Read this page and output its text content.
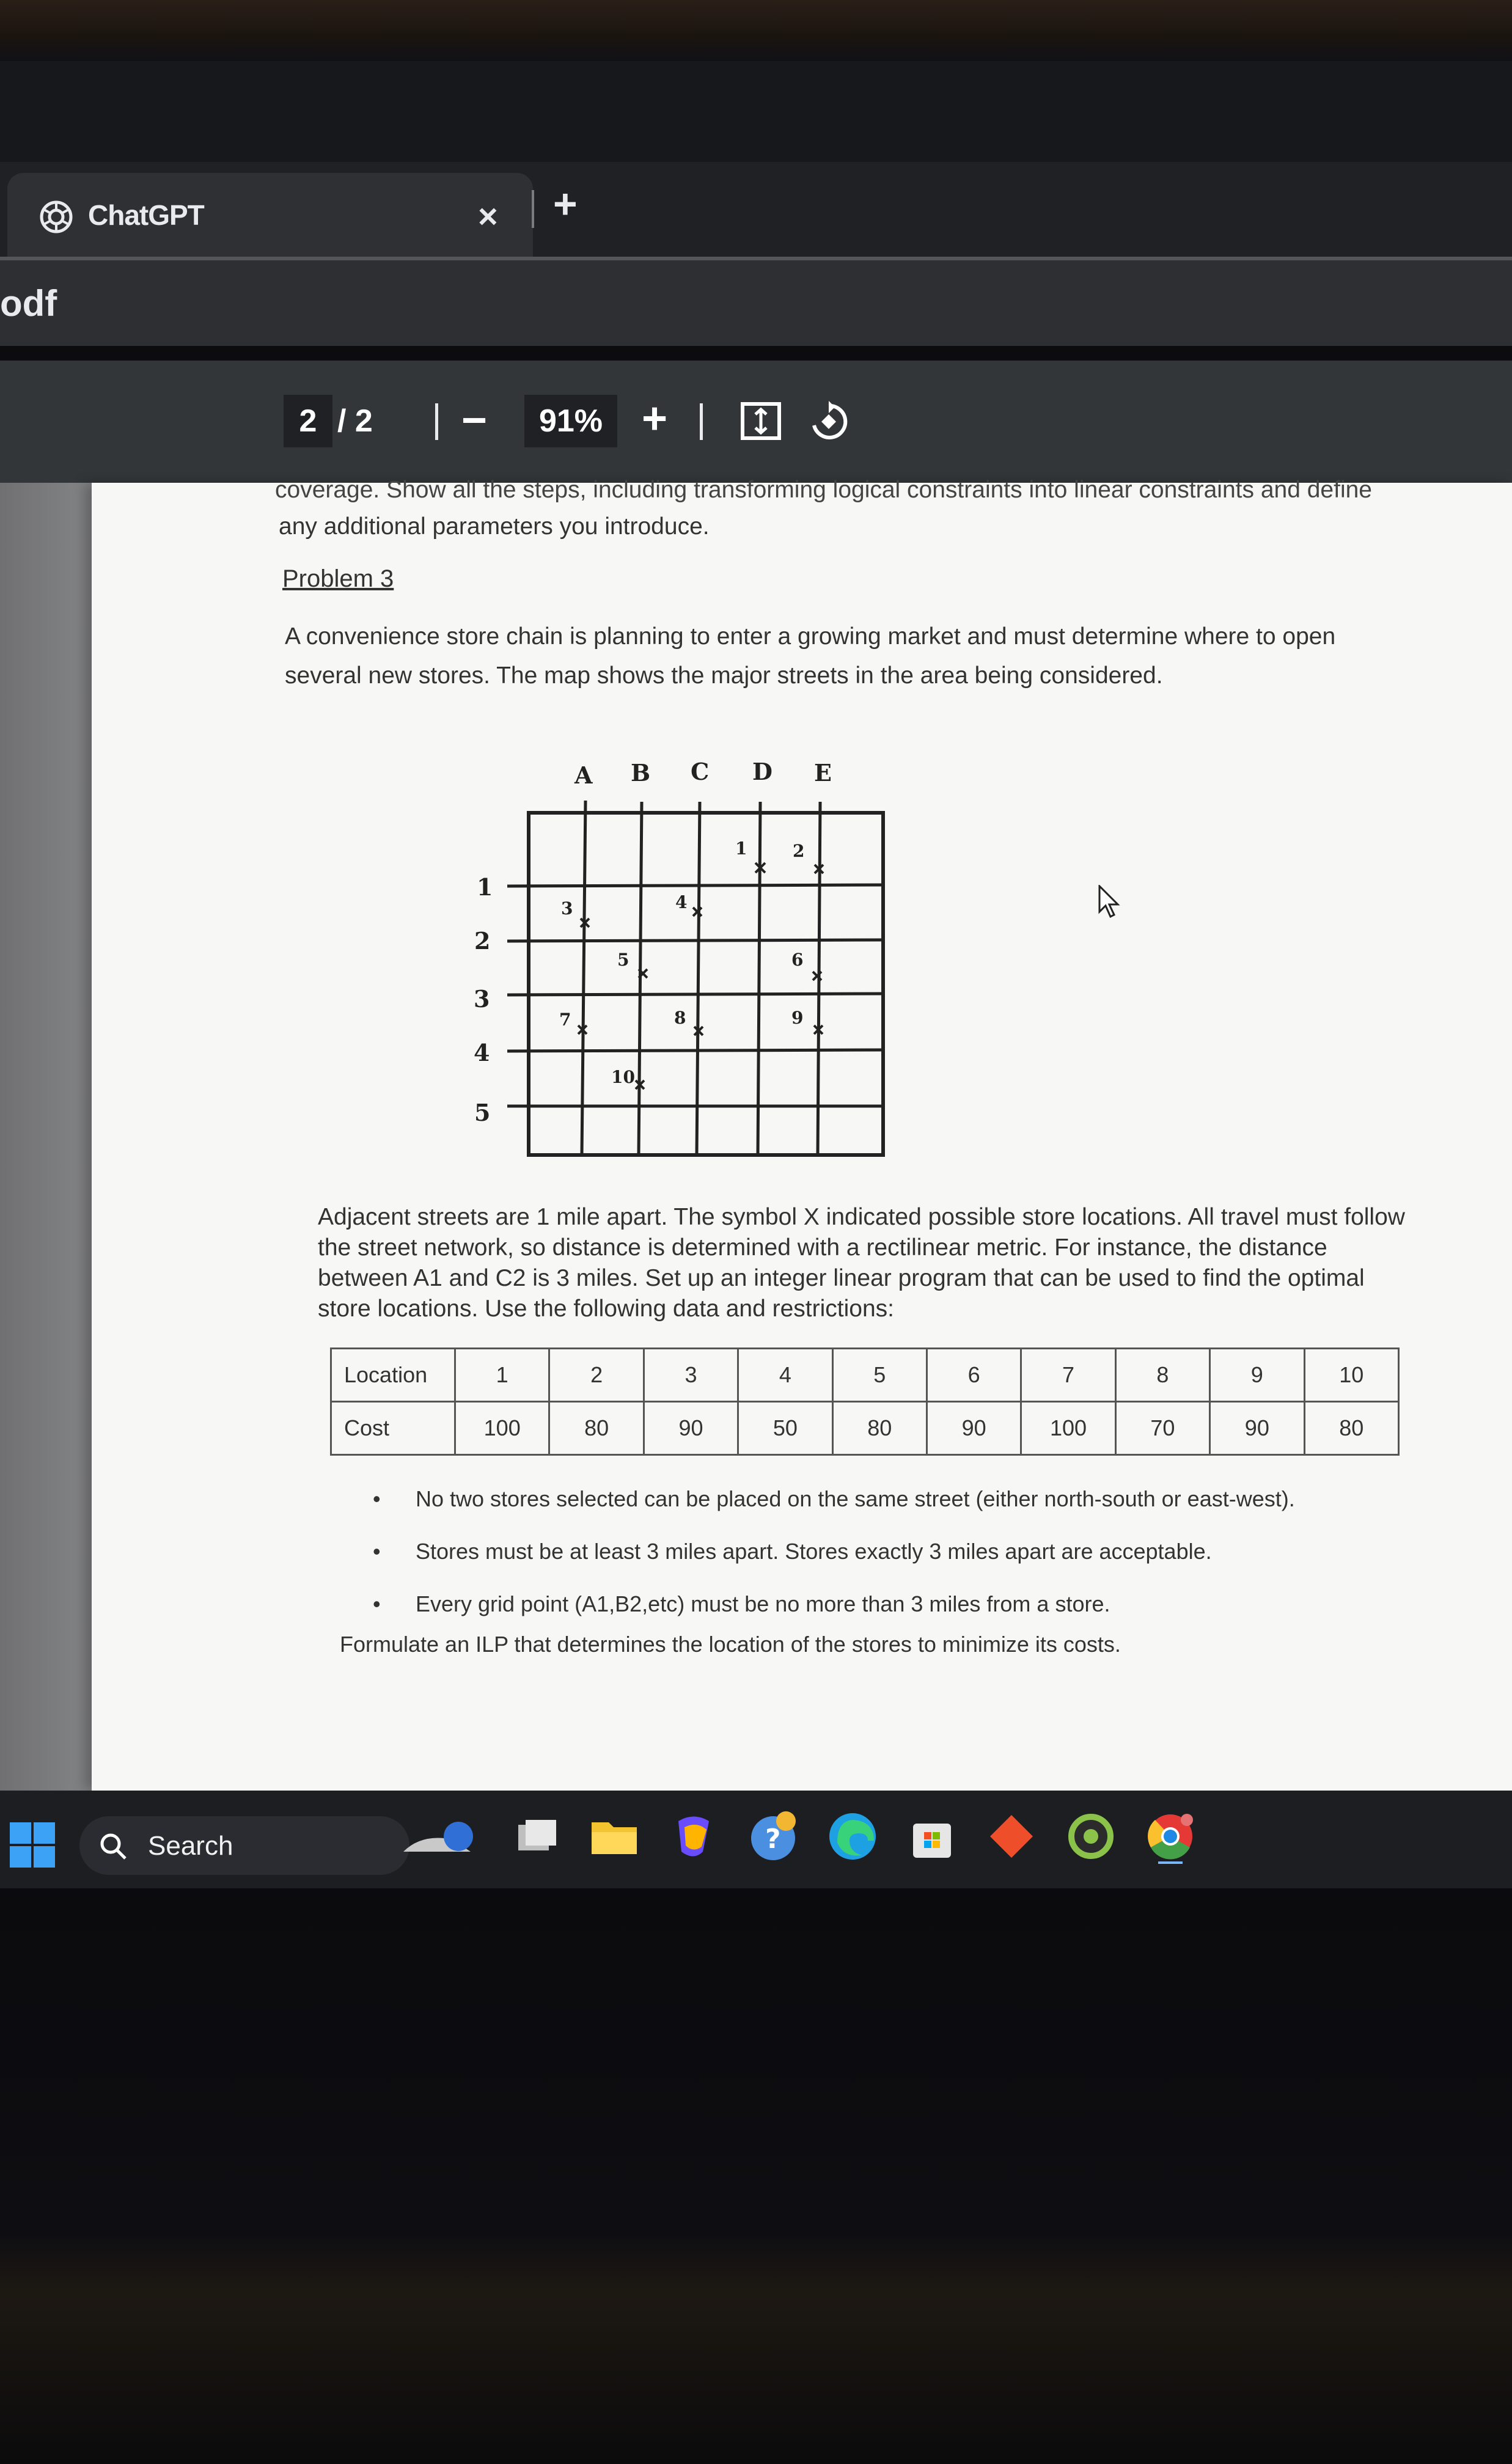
ChatGPT	× +
odf
2 / 2 −	91% +
coverage. Show all the steps, including transforming logical constraints into linear constraints and define
any additional parameters you introduce.
Problem 3
A convenience store chain is planning to enter a growing market and must determine where to open
several new stores. The map shows the major streets in the area being considered.
A B C D E
1
2
3
4
5
1	2
3	4
5	6
7	8	9
10
Adjacent streets are 1 mile apart. The symbol X indicated possible store locations. All travel must follow
the street network, so distance is determined with a rectilinear metric. For instance, the distance
between A1 and C2 is 3 miles. Set up an integer linear program that can be used to find the optimal
store locations. Use the following data and restrictions:
Location	1	2	3	4	5	6	7	8	9	10
Cost	100	80	90	50	80	90	100	70	90	80
• No two stores selected can be placed on the same street (either north-south or east-west).
• Stores must be at least 3 miles apart. Stores exactly 3 miles apart are acceptable.
• Every grid point (A1,B2,etc) must be no more than 3 miles from a store.
Formulate an ILP that determines the location of the stores to minimize its costs.
Search	?
